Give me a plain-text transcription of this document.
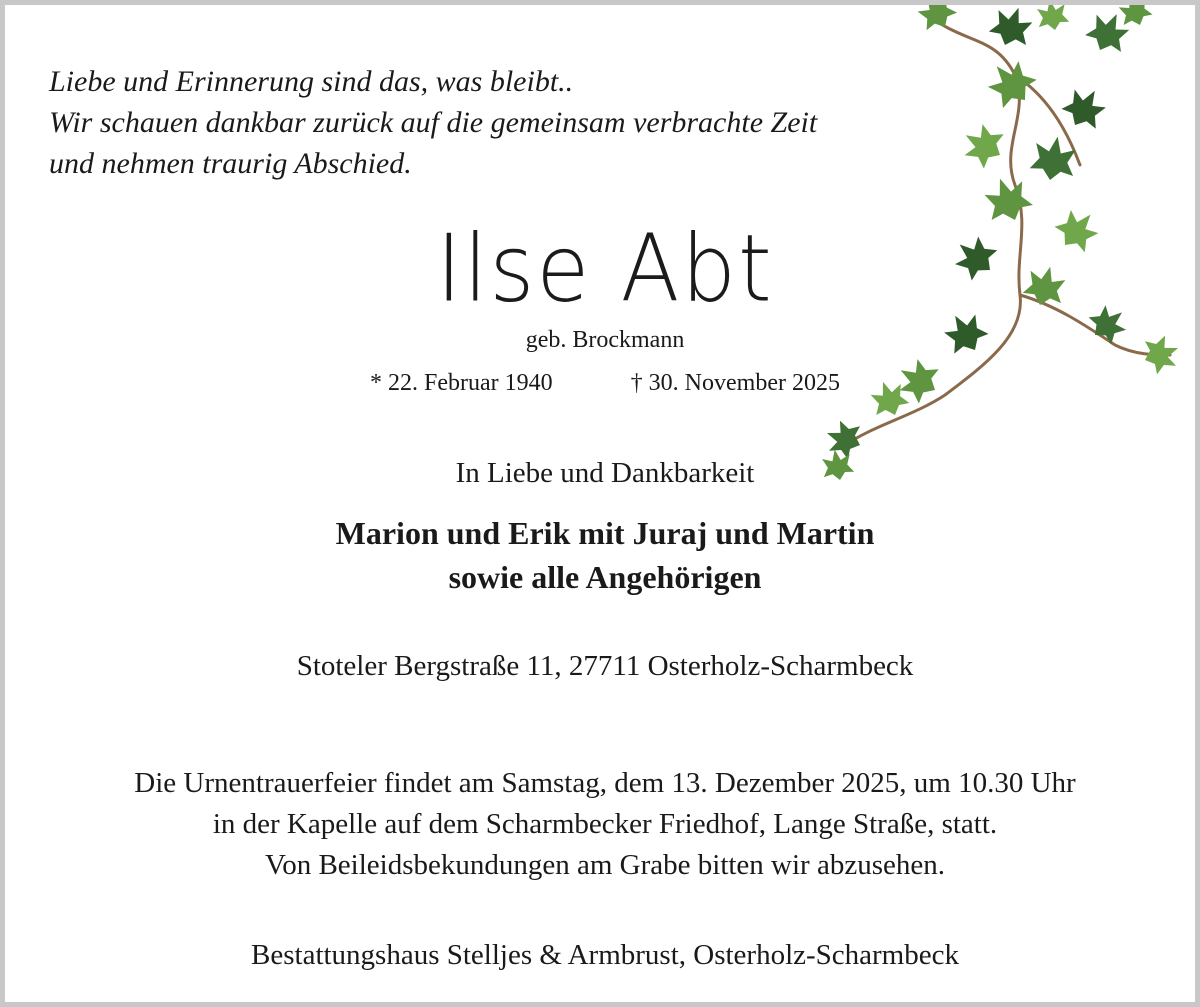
Liebe und Erinnerung sind das, was bleibt..
Wir schauen dankbar zurück auf die gemeinsam verbrachte Zeit
und nehmen traurig Abschied.
Ilse Abt
geb. Brockmann
* 22. Februar 1940	† 30. November 2025
In Liebe und Dankbarkeit
Marion und Erik mit Juraj und Martin
sowie alle Angehörigen
Stoteler Bergstraße 11, 27711 Osterholz-Scharmbeck
Die Urnentrauerfeier findet am Samstag, dem 13. Dezember 2025, um 10.30 Uhr
in der Kapelle auf dem Scharmbecker Friedhof, Lange Straße, statt.
Von Beileidsbekundungen am Grabe bitten wir abzusehen.
Bestattungshaus Stelljes & Armbrust, Osterholz-Scharmbeck
